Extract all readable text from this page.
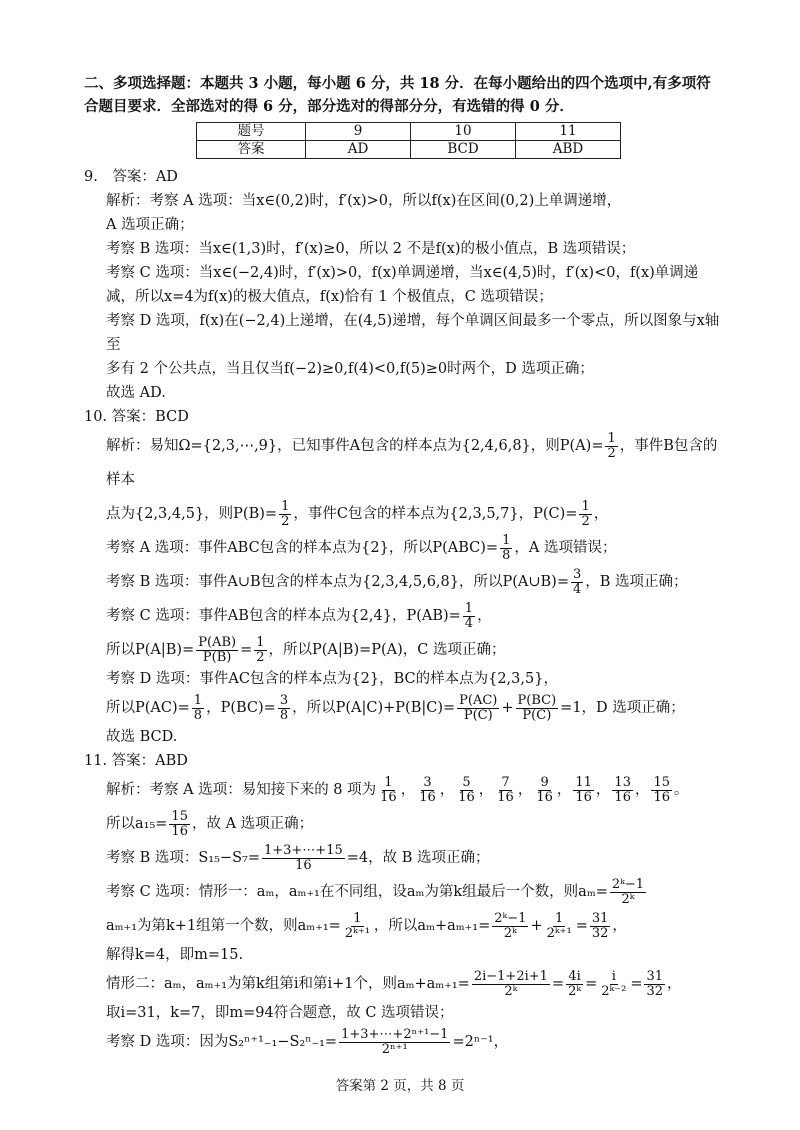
二、多项选择题：本题共 3 小题，每小题 6 分，共 18 分．在每小题给出的四个选项中,有多项符合题目要求．全部选对的得 6 分，部分选对的得部分分，有选错的得 0 分．
题号	9	10	11
答案	AD	BCD	ABD
9.　答案：AD
解析：考察 A 选项：当x∈(0,2)时，f′(x)>0，所以f(x)在区间(0,2)上单调递增，
A 选项正确；
考察 B 选项：当x∈(1,3)时，f′(x)≥0，所以 2 不是f(x)的极小值点，B 选项错误；
考察 C 选项：当x∈(−2,4)时，f′(x)>0，f(x)单调递增，当x∈(4,5)时，f′(x)<0，f(x)单调递
减，所以x=4为f(x)的极大值点，f(x)恰有 1 个极值点，C 选项错误；
考察 D 选项，f(x)在(−2,4)上递增，在(4,5)递增，每个单调区间最多一个零点，所以图象与x轴至
多有 2 个公共点，当且仅当f(−2)≥0,f(4)<0,f(5)≥0时两个，D 选项正确；
故选 AD.
10. 答案：BCD
解析：易知Ω={2,3,⋯,9}，已知事件A包含的样本点为{2,4,6,8}，则$P(A)= \frac{1}{2}$ ，事件B包含的样本
点为{2,3,4,5}，则$P(B)= \frac{1}{2}$ ，事件C包含的样本点为{2,3,5,7}，$P(C)= \frac{1}{2}$ ，
考察 A 选项：事件ABC包含的样本点为{2}，所以$P(ABC)= \frac{1}{8}$ ，A 选项错误；
考察 B 选项：事件A∪B包含的样本点为{2,3,4,5,6,8}，所以P(A∪B)= $\frac{3}{4}$ ，B 选项正确；
考察 C 选项：事件AB包含的样本点为{2,4}，$P(AB)= \frac{1}{4}$ ，
所以$P(A|B)= \frac{P(AB)}{P(B)} = \frac{1}{2}$ ，所以P(A|B)=P(A)，C 选项正确；
考察 D 选项：事件AC包含的样本点为{2}，BC的样本点为{2,3,5}，
所以$P(AC)= \frac{1}{8}$ ，$P(BC)= \frac{3}{8}$ ，所以$P(A|C)+P(B|C)= \frac{P(AC)}{P(C)} + \frac{P(BC)}{P(C)} =1$，D 选项正确；
故选 BCD.
11. 答案：ABD
解析：考察 A 选项：易知接下来的 8 项为 $\frac{1}{16}$ ， $\frac{3}{16}$ ， $\frac{5}{16}$ ， $\frac{7}{16}$ ， $\frac{9}{16}$ ， $\frac{11}{16}$ ， $\frac{13}{16}$ ， $\frac{15}{16}$ 。
所以$a_{15}= \frac{15}{16}$ ，故 A 选项正确；
考察 B 选项：$S_{15}-S_7= \frac{1+3+\cdots+15}{16} =4$，故 B 选项正确；
考察 C 选项：情形一：aₘ，aₘ₊₁在不同组，设aₘ为第k组最后一个数，则$a_m= \frac{\text{2ᵏ−1}}{\text{2ᵏ}}$
aₘ₊₁为第k+1组第一个数，则$a_{m+1}= \frac{1}{\text{2ᵏ⁺¹}}$ ，所以$a_m+a_{m+1}= \frac{\text{2ᵏ−1}}{\text{2ᵏ}} + \frac{1}{\text{2ᵏ⁺¹}} = \frac{31}{32}$ ，
解得k=4，即m=15.
情形二：aₘ，aₘ₊₁为第k组第i和第i+1个，则$a_m+a_{m+1}= \frac{2i-1+2i+1}{\text{2ᵏ}} = \frac{4i}{\text{2ᵏ}} = \frac{i}{\text{2ᵏ⁻²}} = \frac{31}{32}$ ，
取i=31，k=7，即m=94符合题意，故 C 选项错误；
考察 D 选项：因为$S_2^{n+1}_{-1}-S_2^n_{-1}= \frac{\text{1+3+⋯+2ⁿ⁺¹−1}}{\text{2ⁿ⁺¹}} =2^{n-1}$，
答案第 2 页，共 8 页
